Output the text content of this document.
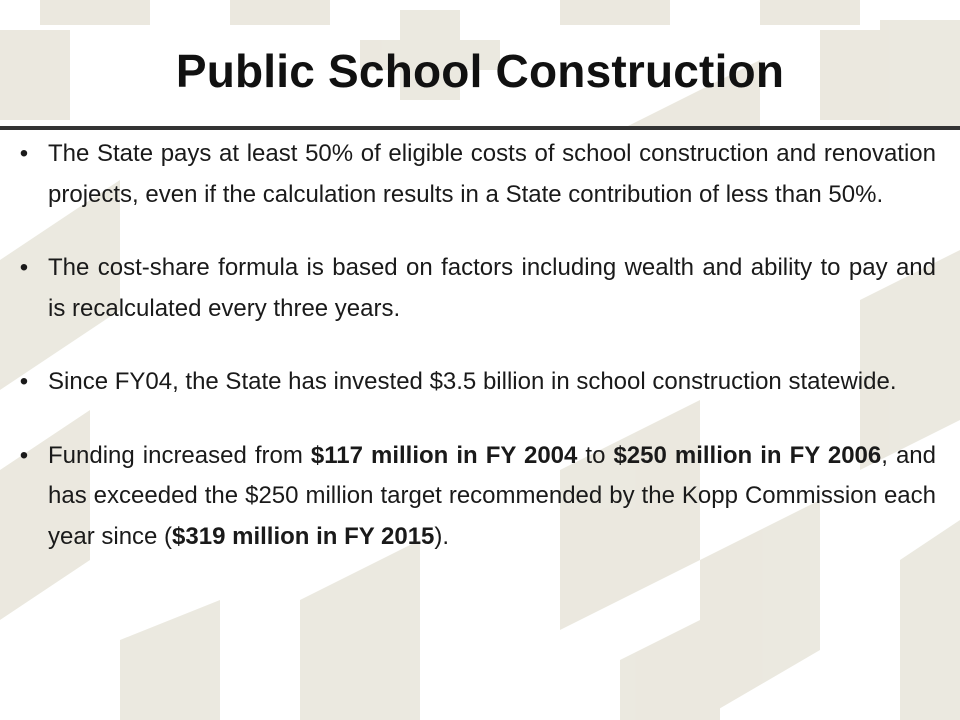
Public School Construction
• The State pays at least 50% of eligible costs of school construction and renovation projects, even if the calculation results in a State contribution of less than 50%.
• The cost-share formula is based on factors including wealth and ability to pay and is recalculated every three years.
• Since FY04, the State has invested $3.5 billion in school construction statewide.
• Funding increased from $117 million in FY 2004 to $250 million in FY 2006, and has exceeded the $250 million target recommended by the Kopp Commission each year since ($319 million in FY 2015).
